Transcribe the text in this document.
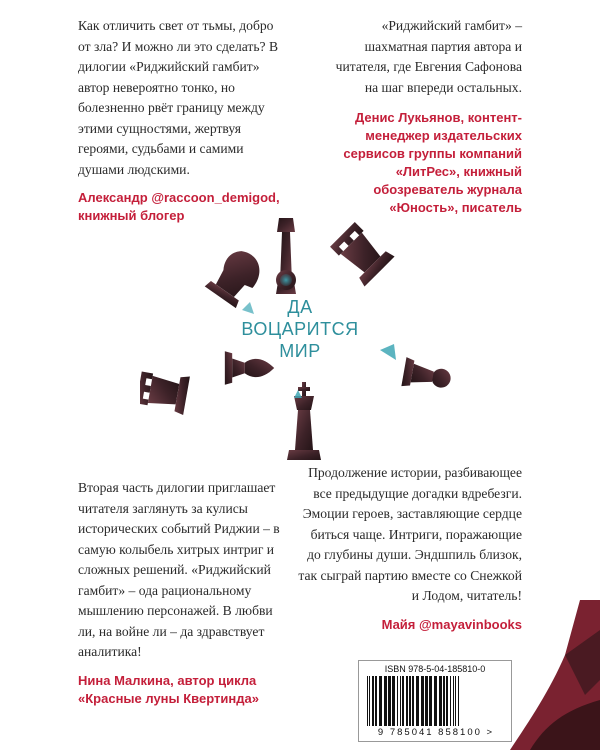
Как отличить свет от тьмы, добро от зла? И можно ли это сделать? В дилогии «Риджийский гамбит» автор невероятно тонко, но болезненно рвёт границу между этими сущностями, жертвуя героями, судьбами и самими душами людскими.
Александр @raccoon_demigod, книжный блогер
«Риджийский гамбит» – шахматная партия автора и читателя, где Евгения Сафонова на шаг впереди остальных.
Денис Лукьянов, контент-менеджер издательских сервисов группы компаний «ЛитРес», книжный обозреватель журнала «Юность», писатель
ДА
ВОЦАРИТСЯ
МИР
Вторая часть дилогии приглашает читателя заглянуть за кулисы исторических событий Риджии – в самую колыбель хитрых интриг и сложных решений. «Риджийский гамбит» – ода рациональному мышлению персонажей. В любви ли, на войне ли – да здравствует аналитика!
Нина Малкина, автор цикла «Красные луны Квертинда»
Продолжение истории, разбивающее все предыдущие догадки вдребезги. Эмоции героев, заставляющие сердце биться чаще. Интриги, поражающие до глубины души. Эндшпиль близок, так сыграй партию вместе со Снежкой и Лодом, читатель!
Майя @mayavinbooks
ISBN 978-5-04-185810-0
9 785041 858100 >
